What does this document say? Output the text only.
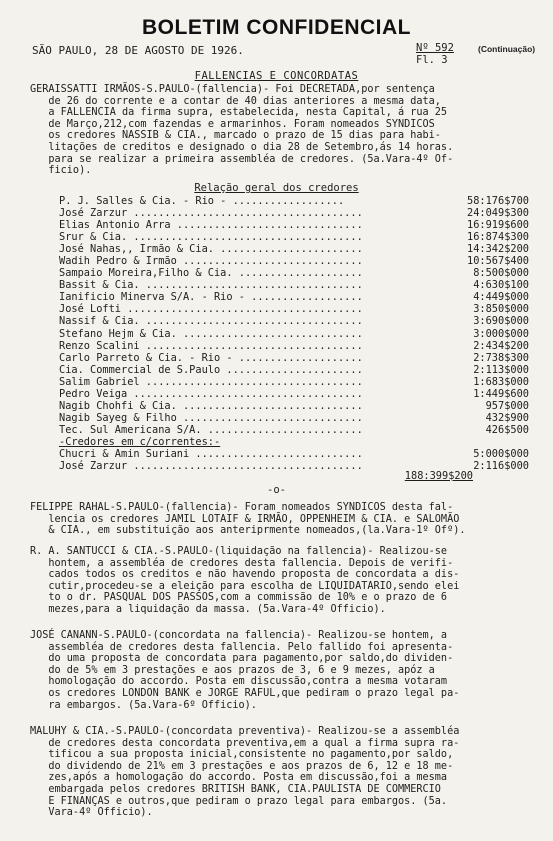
BOLETIM CONFIDENCIAL
(Continuação)
SÃO PAULO, 28 DE AGOSTO DE 1926.	Nº 592
Fl. 3
FALLENCIAS E CONCORDATAS
GERAISSATTI IRMÃOS-S.PAULO-(fallencia)- Foi DECRETADA,por sentença
de 26 do corrente e a contar de 40 dias anteriores a mesma data,
a FALLENCIA da firma supra, estabelecida, nesta Capital, á rua 25
de Março,212,com fazendas e armarinhos. Foram nomeados SYNDICOS
os credores NASSIB & CIA., marcado o prazo de 15 dias para habi-
litações de creditos e designado o dia 28 de Setembro,ás 14 horas.
para se realizar a primeira assembléa de credores. (5a.Vara-4º Of-
ficio).
Relação geral dos credores
P. J. Salles & Cia. - Rio - ..................	58:176$700
José Zarzur .....................................	24:049$300
Elias Antonio Arra ..............................	16:919$600
Srur & Cia. .....................................	16:874$300
José Nahas,, Irmão & Cia. .......................	14:342$200
Wadih Pedro & Irmão .............................	10:567$400
Sampaio Moreira,Filho & Cia. ....................	8:500$000
Bassit & Cia. ...................................	4:630$100
Ianificio Minerva S/A. - Rio - ..................	4:449$000
José Lofti ......................................	3:850$000
Nassif & Cia. ...................................	3:690$000
Stefano Hejm & Cia. .............................	3:000$000
Renzo Scalini ...................................	2:434$200
Carlo Parreto & Cia. - Rio - ....................	2:738$300
Cia. Commercial de S.Paulo ......................	2:113$000
Salim Gabriel ...................................	1:683$000
Pedro Veiga .....................................	1:449$600
Nagib Chohfi & Cia. .............................	957$000
Nagib Sayeg & Filho .............................	432$900
Tec. Sul Americana S/A. .........................	426$500
-Credores em c/correntes:-
Chucri & Amin Suriani ...........................	5:000$000
José Zarzur .....................................	2:116$000
188:399$200
-o-
FELIPPE RAHAL-S.PAULO-(fallencia)- Foram nomeados SYNDICOS desta fal-
lencia os credores JAMIL LOTAIF & IRMÃO, OPPENHEIM & CIA. e SALOMÃO
& CIA., em substituição aos anteriprmente nomeados,(la.Vara-1º Ofº).
R. A. SANTUCCI & CIA.-S.PAULO-(liquidação na fallencia)- Realizou-se
hontem, a assembléa de credores desta fallencia. Depois de verifi-
cados todos os creditos e não havendo proposta de concordata a dis-
cutir,procedeu-se a eleição para escolha de LIQUIDATARIO,sendo elei
to o dr. PASQUAL DOS PASSOS,com a commissão de 10% e o prazo de 6
mezes,para a liquidação da massa. (5a.Vara-4º Officio).
JOSÉ CANANN-S.PAULO-(concordata na fallencia)- Realizou-se hontem, a
assembléa de credores desta fallencia. Pelo fallido foi apresenta-
do uma proposta de concordata para pagamento,por saldo,do dividen-
do de 5% em 3 prestações e aos prazos de 3, 6 e 9 mezes, apóz a
homologação do accordo. Posta em discussão,contra a mesma votaram
os credores LONDON BANK e JORGE RAFUL,que pediram o prazo legal pa-
ra embargos. (5a.Vara-6º Officio).
MALUHY & CIA.-S.PAULO-(concordata preventiva)- Realizou-se a assembléa
de credores desta concordata preventiva,em a qual a firma supra ra-
tificou a sua proposta inicial,consistente no pagamento,por saldo,
do dividendo de 21% em 3 prestações e aos prazos de 6, 12 e 18 me-
zes,após a homologação do accordo. Posta em discussão,foi a mesma
embargada pelos credores BRITISH BANK, CIA.PAULISTA DE COMMERCIO
E FINANÇAS e outros,que pediram o prazo legal para embargos. (5a.
Vara-4º Officio).
